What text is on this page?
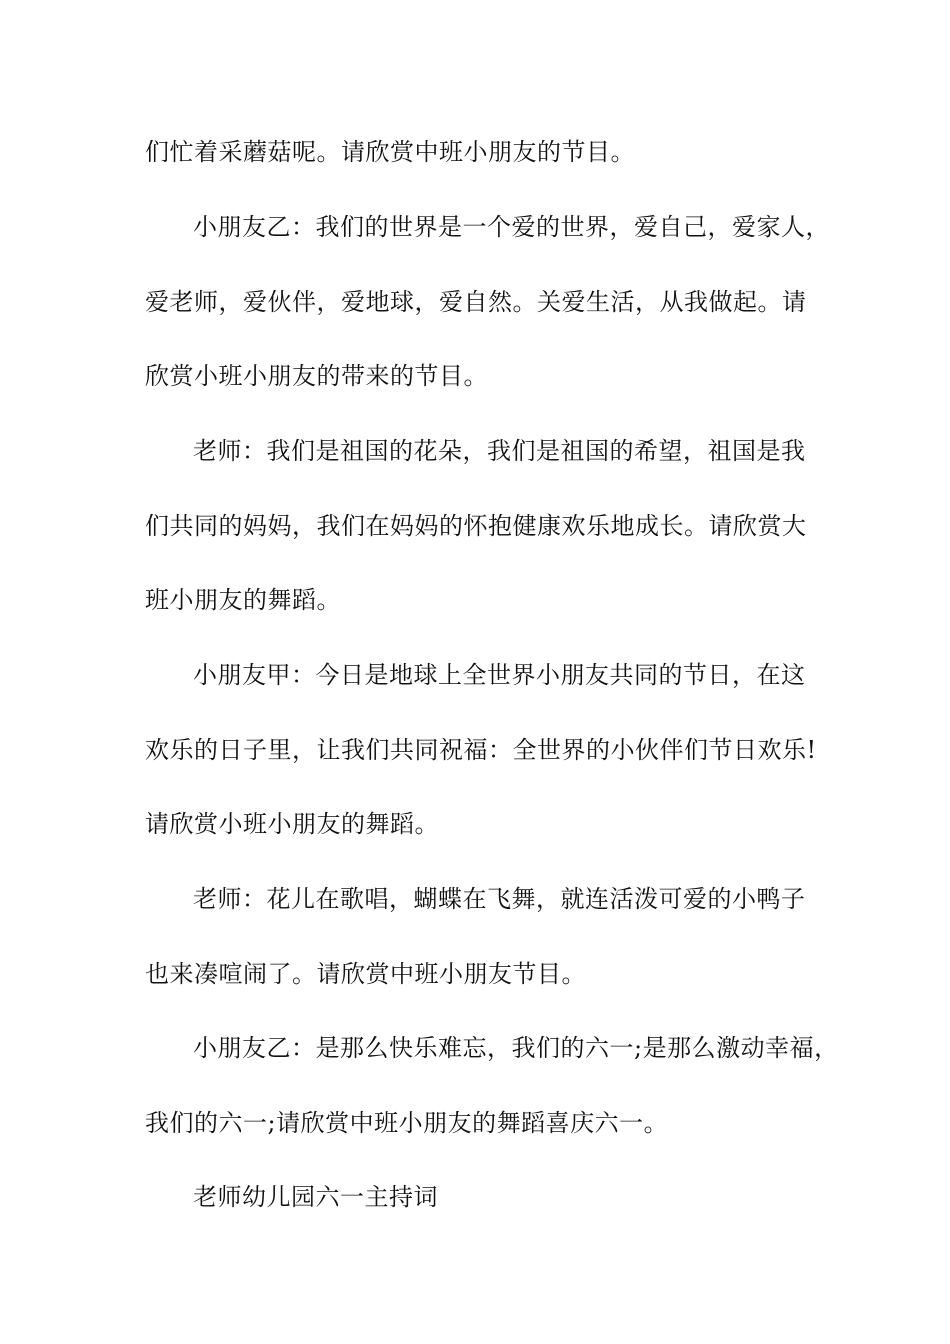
们忙着采蘑菇呢。请欣赏中班小朋友的节目。
小朋友乙：我们的世界是一个爱的世界，爱自己，爱家人，
爱老师，爱伙伴，爱地球，爱自然。关爱生活，从我做起。请
欣赏小班小朋友的带来的节目。
老师：我们是祖国的花朵，我们是祖国的希望，祖国是我
们共同的妈妈，我们在妈妈的怀抱健康欢乐地成长。请欣赏大
班小朋友的舞蹈。
小朋友甲：今日是地球上全世界小朋友共同的节日，在这
欢乐的日子里，让我们共同祝福：全世界的小伙伴们节日欢乐!
请欣赏小班小朋友的舞蹈。
老师：花儿在歌唱，蝴蝶在飞舞，就连活泼可爱的小鸭子
也来凑喧闹了。请欣赏中班小朋友节目。
小朋友乙：是那么快乐难忘，我们的六一;是那么激动幸福，
我们的六一;请欣赏中班小朋友的舞蹈喜庆六一。
老师幼儿园六一主持词
